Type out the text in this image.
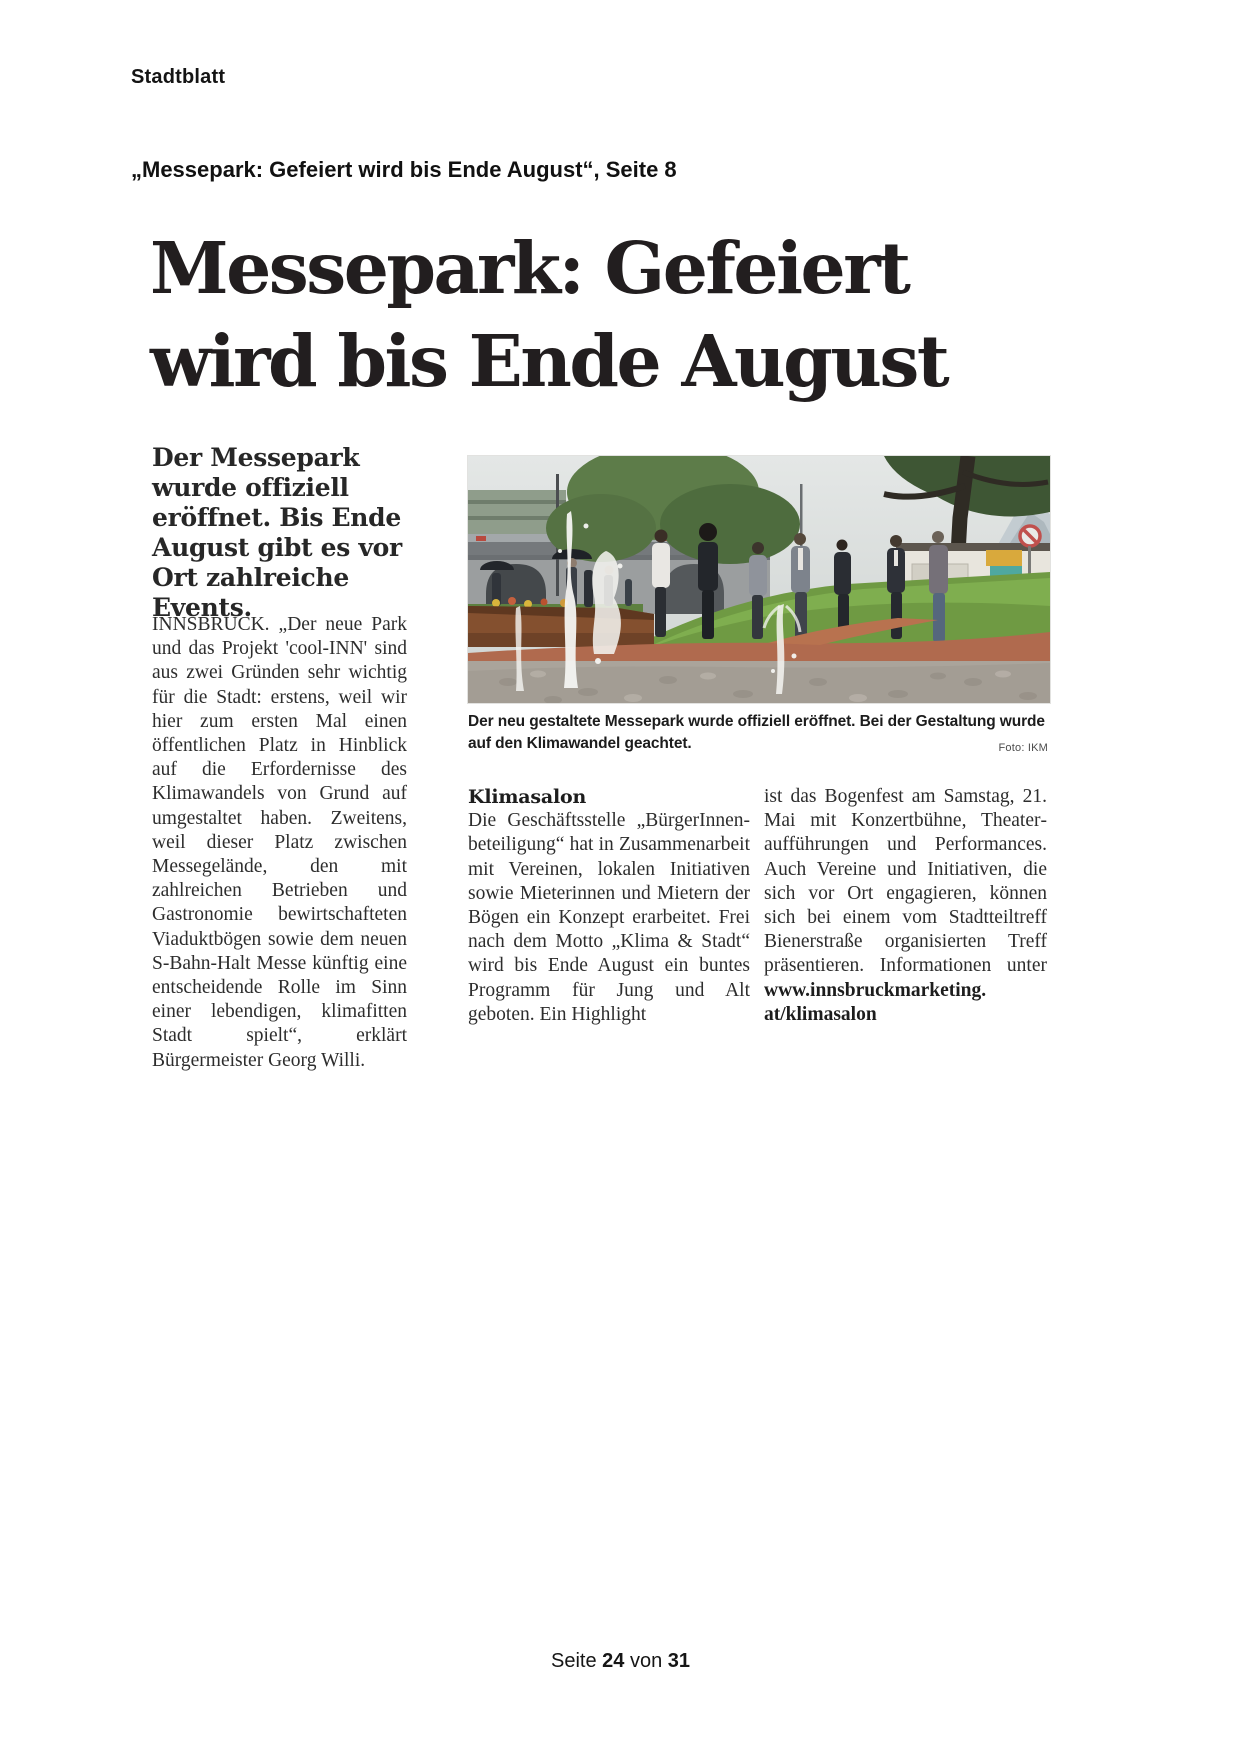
Stadtblatt
„Messepark: Gefeiert wird bis Ende August“, Seite 8
Messepark: Gefeiert
wird bis Ende August

Der Messepark wurde offiziell eröffnet. Bis Ende August gibt es vor Ort zahlreiche Events.

INNSBRUCK. „Der neue Park und das Projekt 'cool-INN' sind aus zwei Gründen sehr wichtig für die Stadt: erstens, weil wir hier zum ersten Mal einen öffentlichen Platz in Hinblick auf die Erfordernisse des Klimawandels von Grund auf umgestaltet haben. Zweitens, weil dieser Platz zwischen Messegelände, den mit zahlreichen Betrieben und Gastronomie bewirtschafteten Viaduktbögen sowie dem neuen S-Bahn-Halt Messe künftig eine entscheidende Rolle im Sinn einer lebendigen, klimafitten Stadt spielt“, erklärt Bürgermeister Georg Willi.

Der neu gestaltete Messepark wurde offiziell eröffnet. Bei der Gestaltung wurde auf den Klimawandel geachtet.	Foto: IKM
Klimasalon

Die Geschäftsstelle „BürgerInnenbeteiligung“ hat in Zusammenarbeit mit Vereinen, lokalen Initiativen sowie Mieterinnen und Mietern der Bögen ein Konzept erarbeitet. Frei nach dem Motto „Klima & Stadt“ wird bis Ende August ein buntes Programm für Jung und Alt geboten. Ein Highlight

ist das Bogenfest am Samstag, 21. Mai mit Konzertbühne, Theateraufführungen und Performances. Auch Vereine und Initiativen, die sich vor Ort engagieren, können sich bei einem vom Stadtteiltreff Bienerstraße organisierten Treff präsentieren. Informationen unter www.innsbruckmarketing.​at/klimasalon

Seite 24 von 31
